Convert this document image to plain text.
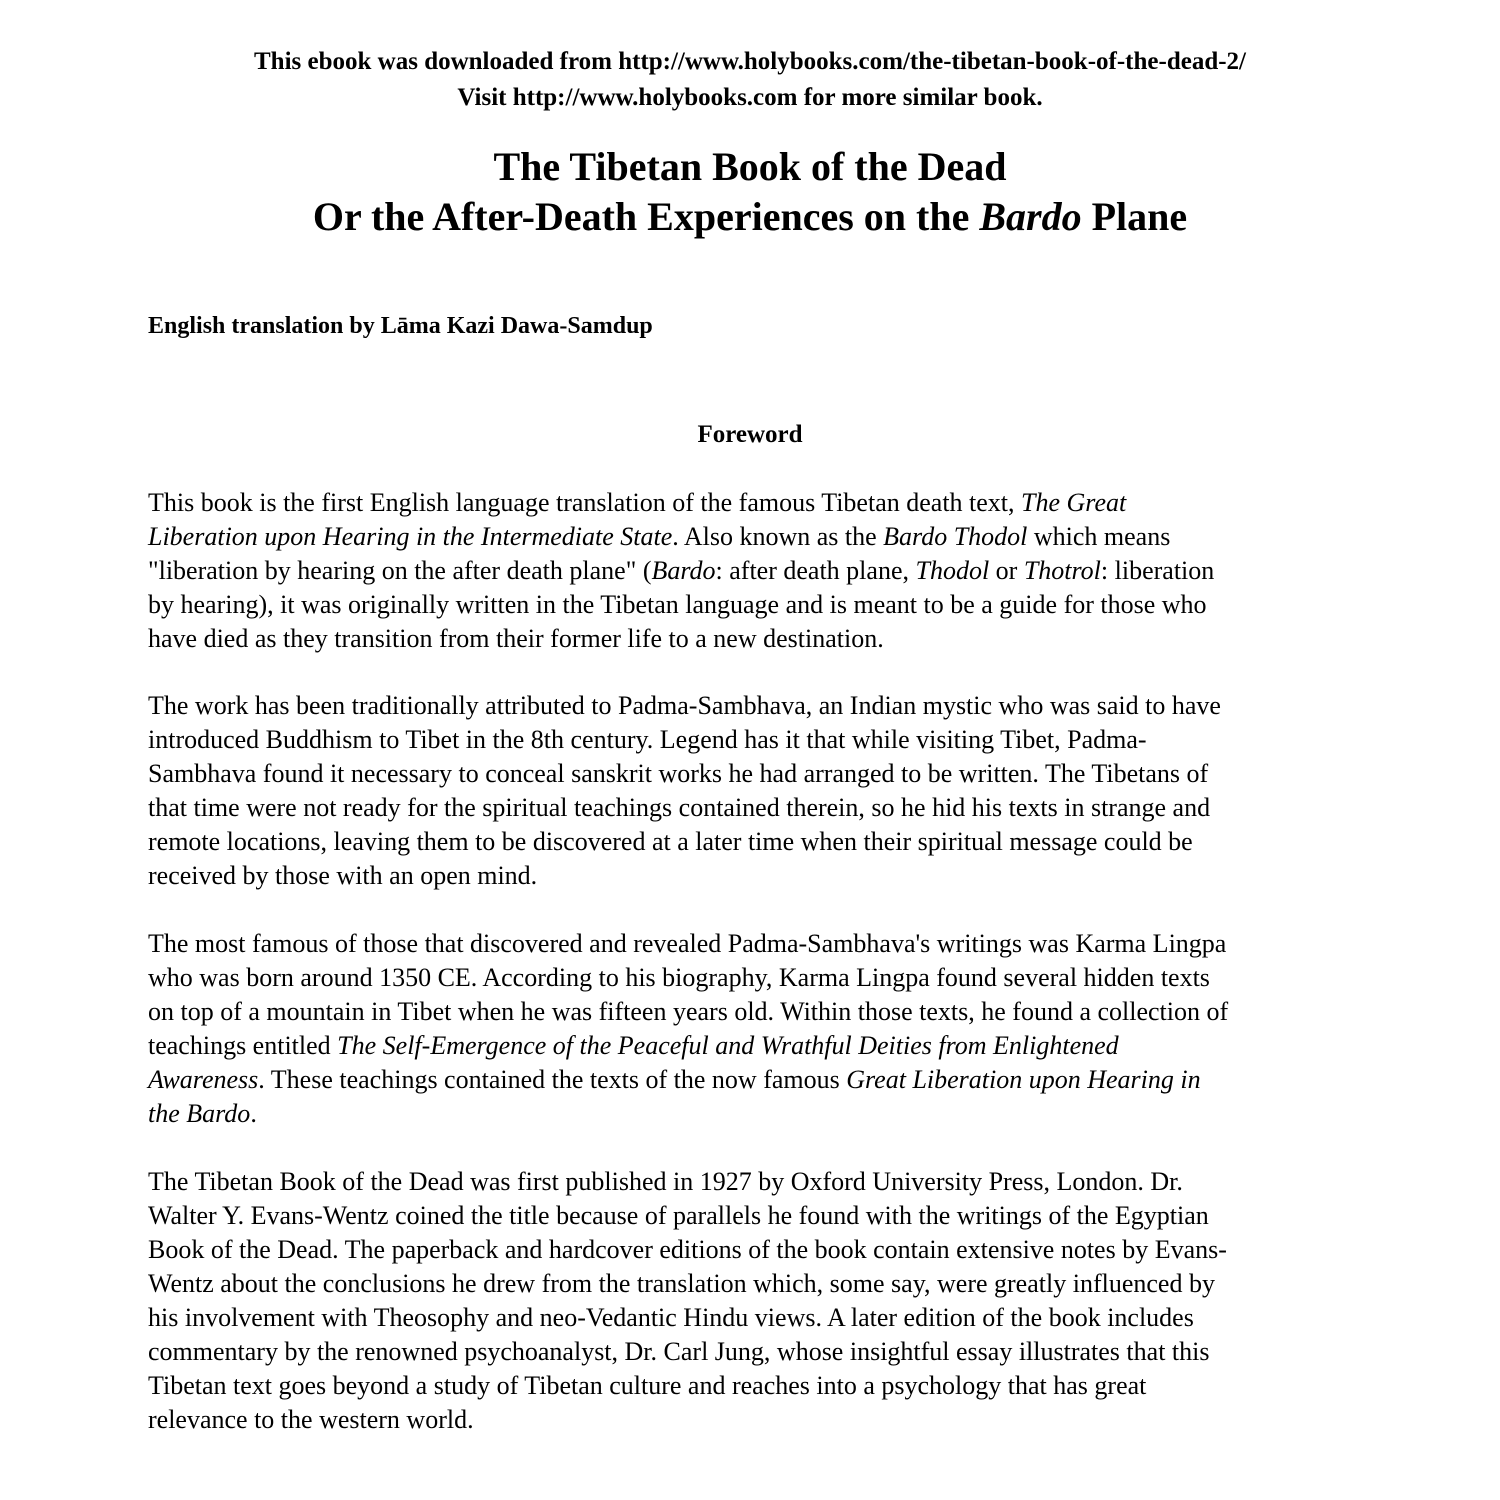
This ebook was downloaded from http://www.holybooks.com/the-tibetan-book-of-the-dead-2/
Visit http://www.holybooks.com for more similar book.
The Tibetan Book of the Dead
Or the After-Death Experiences on the Bardo Plane
English translation by Lāma Kazi Dawa-Samdup
Foreword
This book is the first English language translation of the famous Tibetan death text, The Great
Liberation upon Hearing in the Intermediate State. Also known as the Bardo Thodol which means
"liberation by hearing on the after death plane" (Bardo: after death plane, Thodol or Thotrol: liberation
by hearing), it was originally written in the Tibetan language and is meant to be a guide for those who
have died as they transition from their former life to a new destination.
The work has been traditionally attributed to Padma-Sambhava, an Indian mystic who was said to have
introduced Buddhism to Tibet in the 8th century. Legend has it that while visiting Tibet, Padma-
Sambhava found it necessary to conceal sanskrit works he had arranged to be written. The Tibetans of
that time were not ready for the spiritual teachings contained therein, so he hid his texts in strange and
remote locations, leaving them to be discovered at a later time when their spiritual message could be
received by those with an open mind.
The most famous of those that discovered and revealed Padma-Sambhava's writings was Karma Lingpa
who was born around 1350 CE. According to his biography, Karma Lingpa found several hidden texts
on top of a mountain in Tibet when he was fifteen years old. Within those texts, he found a collection of
teachings entitled The Self-Emergence of the Peaceful and Wrathful Deities from Enlightened
Awareness. These teachings contained the texts of the now famous Great Liberation upon Hearing in
the Bardo.
The Tibetan Book of the Dead was first published in 1927 by Oxford University Press, London. Dr.
Walter Y. Evans-Wentz coined the title because of parallels he found with the writings of the Egyptian
Book of the Dead. The paperback and hardcover editions of the book contain extensive notes by Evans-
Wentz about the conclusions he drew from the translation which, some say, were greatly influenced by
his involvement with Theosophy and neo-Vedantic Hindu views. A later edition of the book includes
commentary by the renowned psychoanalyst, Dr. Carl Jung, whose insightful essay illustrates that this
Tibetan text goes beyond a study of Tibetan culture and reaches into a psychology that has great
relevance to the western world.
